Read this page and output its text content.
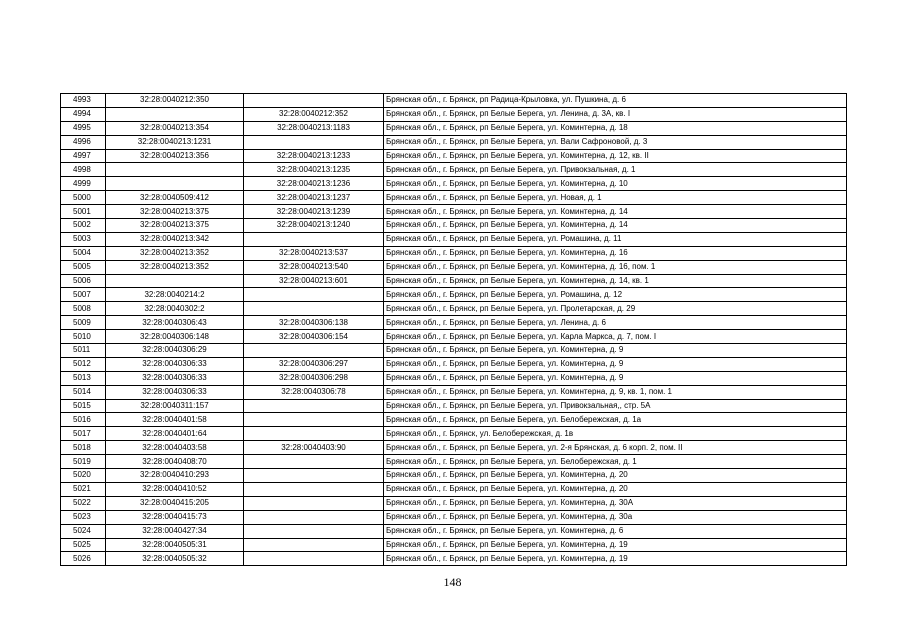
4993	32:28:0040212:350		Брянская обл., г. Брянск, рп Радица-Крыловка, ул. Пушкина, д. 6
4994		32:28:0040212:352	Брянская обл., г. Брянск, рп Белые Берега, ул. Ленина, д. 3А, кв. I
4995	32:28:0040213:354	32:28:0040213:1183	Брянская обл., г. Брянск, рп Белые Берега, ул. Коминтерна, д. 18
4996	32:28:0040213:1231		Брянская обл., г. Брянск, рп Белые Берега, ул. Вали Сафроновой, д. 3
4997	32:28:0040213:356	32:28:0040213:1233	Брянская обл., г. Брянск, рп Белые Берега, ул. Коминтерна, д. 12, кв. II
4998		32:28:0040213:1235	Брянская обл., г. Брянск, рп Белые Берега, ул. Привокзальная, д. 1
4999		32:28:0040213:1236	Брянская обл., г. Брянск, рп Белые Берега, ул. Коминтерна, д. 10
5000	32:28:0040509:412	32:28:0040213:1237	Брянская обл., г. Брянск, рп Белые Берега, ул. Новая, д. 1
5001	32:28:0040213:375	32:28:0040213:1239	Брянская обл., г. Брянск, рп Белые Берега, ул. Коминтерна, д. 14
5002	32:28:0040213:375	32:28:0040213:1240	Брянская обл., г. Брянск, рп Белые Берега, ул. Коминтерна, д. 14
5003	32:28:0040213:342		Брянская обл., г. Брянск, рп Белые Берега, ул. Ромашина, д. 11
5004	32:28:0040213:352	32:28:0040213:537	Брянская обл., г. Брянск, рп Белые Берега, ул. Коминтерна, д. 16
5005	32:28:0040213:352	32:28:0040213:540	Брянская обл., г. Брянск, рп Белые Берега, ул. Коминтерна, д. 16, пом. 1
5006		32:28:0040213:601	Брянская обл., г. Брянск, рп Белые Берега, ул. Коминтерна, д. 14, кв. 1
5007	32:28:0040214:2		Брянская обл., г. Брянск, рп Белые Берега, ул. Ромашина, д. 12
5008	32:28:0040302:2		Брянская обл., г. Брянск, рп Белые Берега, ул. Пролетарская, д. 29
5009	32:28:0040306:43	32:28:0040306:138	Брянская обл., г. Брянск, рп Белые Берега, ул. Ленина, д. 6
5010	32:28:0040306:148	32:28:0040306:154	Брянская обл., г. Брянск, рп Белые Берега, ул. Карла Маркса, д. 7, пом. I
5011	32:28:0040306:29		Брянская обл., г. Брянск, рп Белые Берега, ул. Коминтерна, д. 9
5012	32:28:0040306:33	32:28:0040306:297	Брянская обл., г. Брянск, рп Белые Берега, ул. Коминтерна, д. 9
5013	32:28:0040306:33	32:28:0040306:298	Брянская обл., г. Брянск, рп Белые Берега, ул. Коминтерна, д. 9
5014	32:28:0040306:33	32:28:0040306:78	Брянская обл., г. Брянск, рп Белые Берега, ул. Коминтерна, д. 9, кв. 1, пом. 1
5015	32:28:0040311:157		Брянская обл., г. Брянск, рп Белые Берега, ул. Привокзальная,, стр. 5А
5016	32:28:0040401:58		Брянская обл., г. Брянск, рп Белые Берега, ул. Белобережская, д. 1а
5017	32:28:0040401:64		Брянская обл., г. Брянск, ул. Белобережская, д. 1в
5018	32:28:0040403:58	32:28:0040403:90	Брянская обл., г. Брянск, рп Белые Берега, ул. 2-я Брянская, д. 6 корп. 2, пом. II
5019	32:28:0040408:70		Брянская обл., г. Брянск, рп Белые Берега, ул. Белобережская, д. 1
5020	32:28:0040410:293		Брянская обл., г. Брянск, рп Белые Берега, ул. Коминтерна, д. 20
5021	32:28:0040410:52		Брянская обл., г. Брянск, рп Белые Берега, ул. Коминтерна, д. 20
5022	32:28:0040415:205		Брянская обл., г. Брянск, рп Белые Берега, ул. Коминтерна, д. 30А
5023	32:28:0040415:73		Брянская обл., г. Брянск, рп Белые Берега, ул. Коминтерна, д. 30а
5024	32:28:0040427:34		Брянская обл., г. Брянск, рп Белые Берега, ул. Коминтерна, д. 6
5025	32:28:0040505:31		Брянская обл., г. Брянск, рп Белые Берега, ул. Коминтерна, д. 19
5026	32:28:0040505:32		Брянская обл., г. Брянск, рп Белые Берега, ул. Коминтерна, д. 19
148
